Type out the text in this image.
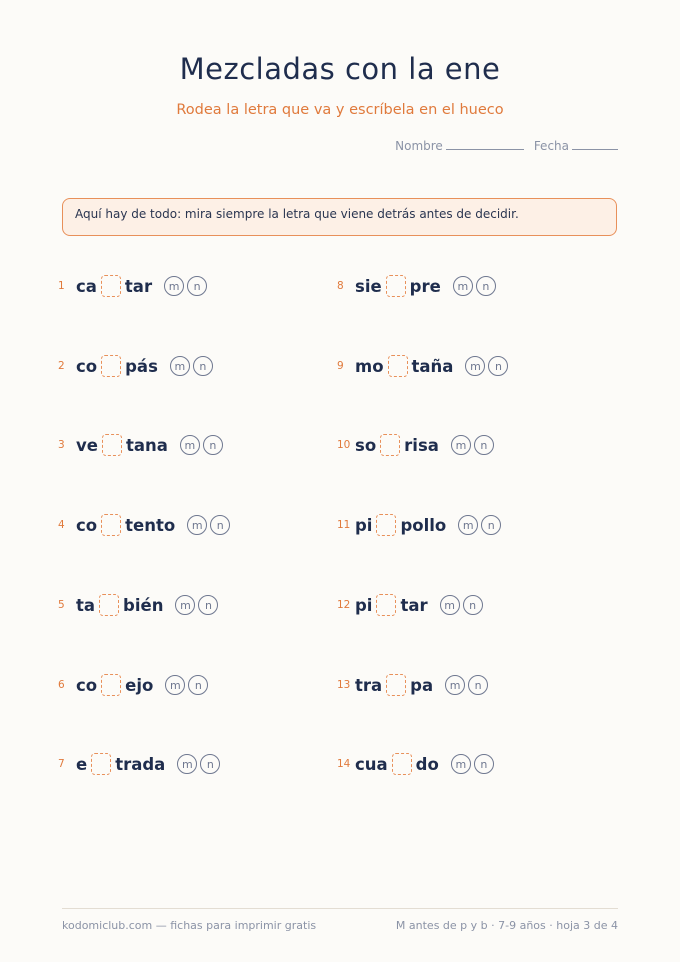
Mezcladas con la ene
Rodea la letra que va y escríbela en el hueco
Nombre	Fecha
Aquí hay de todo: mira siempre la letra que viene detrás antes de decidir.
1 ca tar	m	n
2 co pás	m	n
3 ve tana	m	n
4 co tento	m	n
5 ta bién	m	n
6 co ejo	m	n
7 e trada	m	n
8 sie pre	m	n
9 mo taña	m	n
10 so risa	m	n
11 pi pollo	m	n
12 pi tar	m	n
13 tra pa	m	n
14 cua do	m	n
kodomiclub.com — fichas para imprimir gratis	M antes de p y b · 7-9 años · hoja 3 de 4
